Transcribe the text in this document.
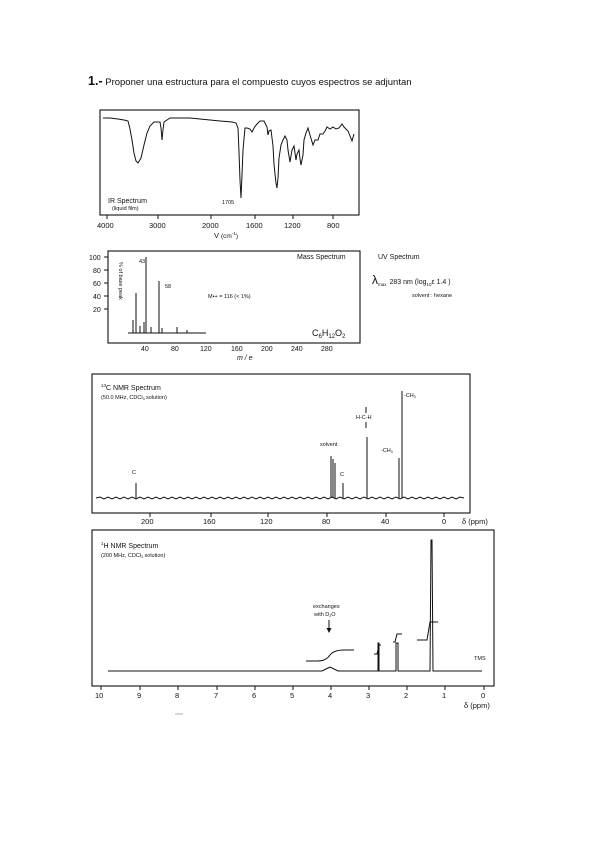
1.- Proponer una estructura para el compuesto cuyos espectros se adjuntan
1705
IR Spectrum
(liquid film)
4000	3000	2000	1600	1200	800
V $(cm^{-1})$
100
80
60
40
20
% of base peak	43
58
M•+ = 116 (< 1%)
Mass Spectrum
$C_6H_{12}O_2$
40	80	120	160	200	240	280
m / e
UV Spectrum
$\lambda_{max}$ 283 nm ($\log_{10}\varepsilon$ 1.4 )
solvent : hexane
$^{13}$C NMR Spectrum
(50.0 MHz, CDCl3 solution)
C
solvent
C
H-C-H
-CH3
-CH3
200	160	120	80	40	0 δ (ppm)
$^1$H NMR Spectrum
(200 MHz, CDCl3 solution)
exchanges
with D2O
TMS
10	9	8	7	6	5	4	3	2	1	0
δ (ppm)
